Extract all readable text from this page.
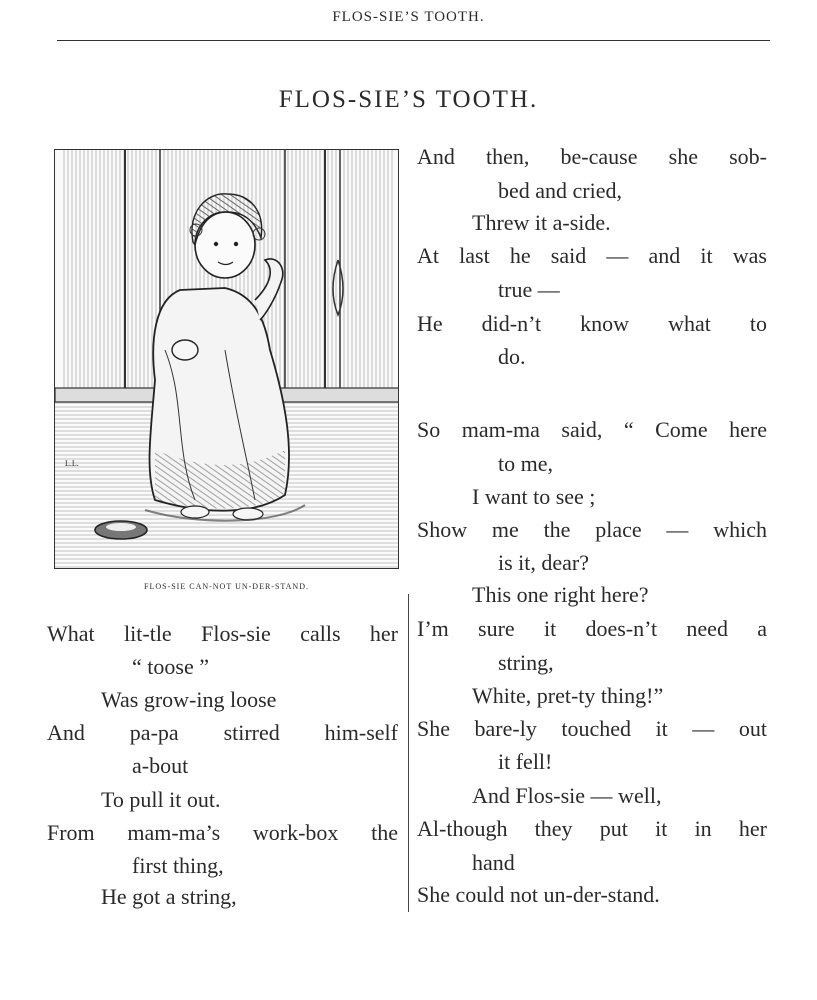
FLOS-SIE’S TOOTH.
FLOS-SIE’S TOOTH.
L.L.
FLOS-SIE CAN-NOT UN-DER-STAND.
What lit-tle Flos-sie calls her
“ toose ”
Was grow-ing loose
And pa-pa stirred him-self
a-bout
To pull it out.
From mam-ma’s work-box the
first thing,
He got a string,
And then, be-cause she sob-
bed and cried,
Threw it a-side.
At last he said — and it was
true —
He did-n’t know what to
do.
So mam-ma said, “ Come here
to me,
I want to see ;
Show me the place — which
is it, dear?
This one right here?
I’m sure it does-n’t need a
string,
White, pret-ty thing!”
She bare-ly touched it — out
it fell!
And Flos-sie — well,
Al-though they put it in her
hand
She could not un-der-stand.
